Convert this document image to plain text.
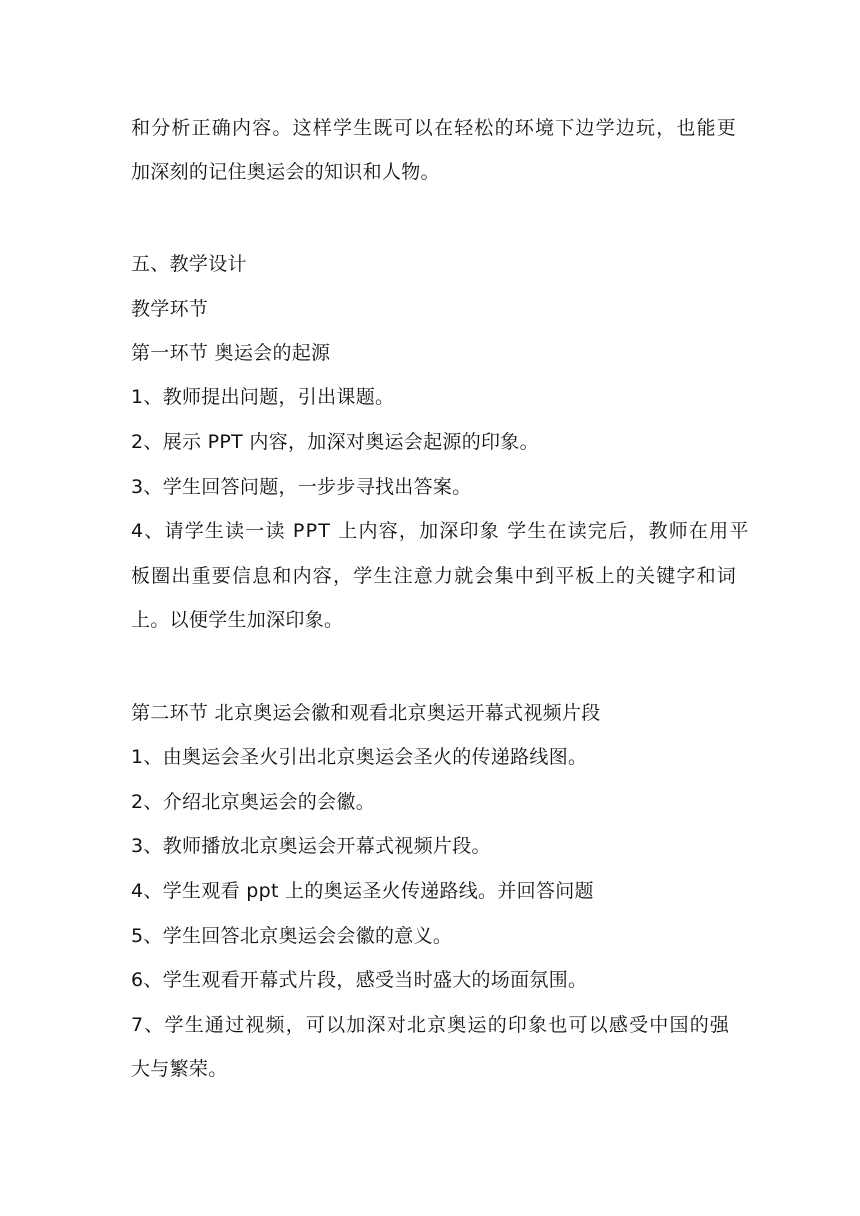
和分析正确内容。这样学生既可以在轻松的环境下边学边玩，也能更
加深刻的记住奥运会的知识和人物。
五、教学设计
教学环节
第一环节 奥运会的起源
1、教师提出问题，引出课题。
2、展示 PPT 内容，加深对奥运会起源的印象。
3、学生回答问题，一步步寻找出答案。
4、请学生读一读 PPT 上内容，加深印象 学生在读完后，教师在用平
板圈出重要信息和内容，学生注意力就会集中到平板上的关键字和词
上。以便学生加深印象。
第二环节 北京奥运会徽和观看北京奥运开幕式视频片段
1、由奥运会圣火引出北京奥运会圣火的传递路线图。
2、介绍北京奥运会的会徽。
3、教师播放北京奥运会开幕式视频片段。
4、学生观看 ppt 上的奥运圣火传递路线。并回答问题
5、学生回答北京奥运会会徽的意义。
6、学生观看开幕式片段，感受当时盛大的场面氛围。
7、学生通过视频，可以加深对北京奥运的印象也可以感受中国的强
大与繁荣。
